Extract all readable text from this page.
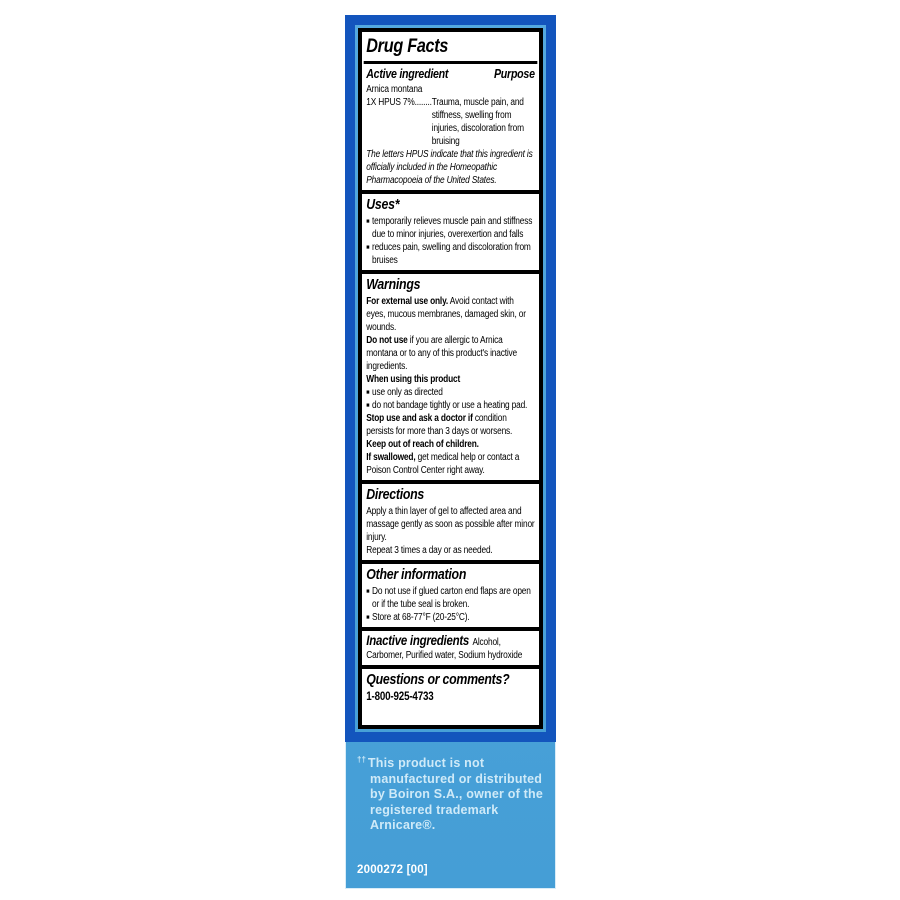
Drug Facts
Active ingredient	Purpose
Arnica montana
1X HPUS 7%........ Trauma, muscle pain, and stiffness, swelling from injuries, discoloration from bruising
The letters HPUS indicate that this ingredient is officially included in the Homeopathic Pharmacopoeia of the United States.
Uses*
■ temporarily relieves muscle pain and stiffness due to minor injuries, overexertion and falls
■ reduces pain, swelling and discoloration from bruises
Warnings
For external use only. Avoid contact with eyes, mucous membranes, damaged skin, or wounds.
Do not use if you are allergic to Arnica montana or to any of this product's inactive ingredients.
When using this product
■ use only as directed
■ do not bandage tightly or use a heating pad.
Stop use and ask a doctor if condition persists for more than 3 days or worsens.
Keep out of reach of children.
If swallowed, get medical help or contact a Poison Control Center right away.
Directions
Apply a thin layer of gel to affected area and massage gently as soon as possible after minor injury.
Repeat 3 times a day or as needed.
Other information
■ Do not use if glued carton end flaps are open or if the tube seal is broken.
■ Store at 68-77°F (20-25°C).
Inactive ingredients Alcohol, Carbomer, Purified water, Sodium hydroxide
Questions or comments?
1-800-925-4733
†† This product is not manufactured or distributed by Boiron S.A., owner of the registered trademark Arnicare®.
2000272 [00]
